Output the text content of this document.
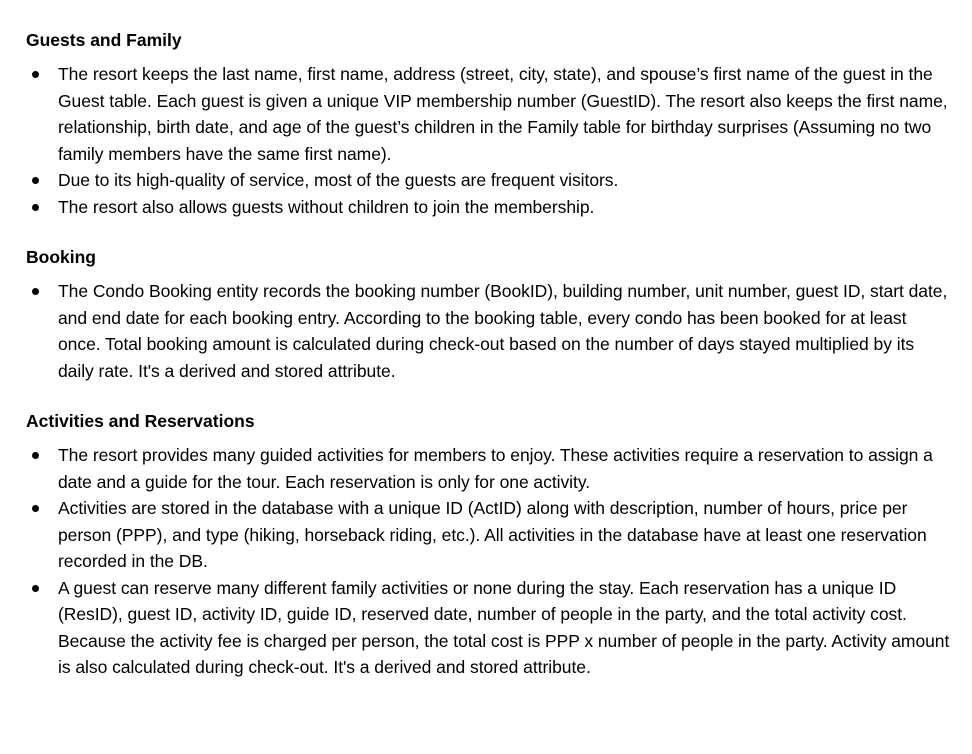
Guests and Family
The resort keeps the last name, first name, address (street, city, state), and spouse’s first name of the guest in the Guest table. Each guest is given a unique VIP membership number (GuestID). The resort also keeps the first name, relationship, birth date, and age of the guest’s children in the Family table for birthday surprises (Assuming no two family members have the same first name).
Due to its high-quality of service, most of the guests are frequent visitors.
The resort also allows guests without children to join the membership.
Booking
The Condo Booking entity records the booking number (BookID), building number, unit number, guest ID, start date, and end date for each booking entry. According to the booking table, every condo has been booked for at least once. Total booking amount is calculated during check-out based on the number of days stayed multiplied by its daily rate. It's a derived and stored attribute.
Activities and Reservations
The resort provides many guided activities for members to enjoy. These activities require a reservation to assign a date and a guide for the tour. Each reservation is only for one activity.
Activities are stored in the database with a unique ID (ActID) along with description, number of hours, price per person (PPP), and type (hiking, horseback riding, etc.). All activities in the database have at least one reservation recorded in the DB.
A guest can reserve many different family activities or none during the stay. Each reservation has a unique ID (ResID), guest ID, activity ID, guide ID, reserved date, number of people in the party, and the total activity cost. Because the activity fee is charged per person, the total cost is PPP x number of people in the party. Activity amount is also calculated during check-out. It's a derived and stored attribute.
